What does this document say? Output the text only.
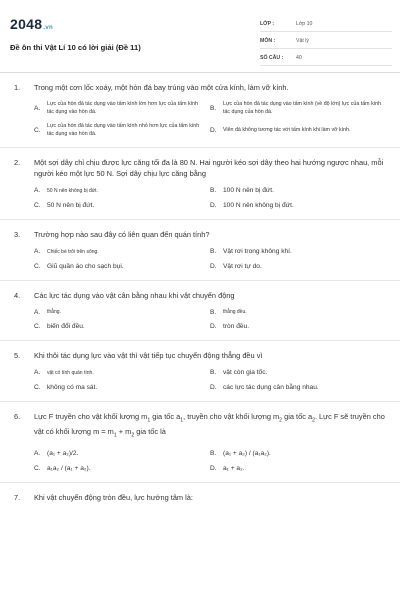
2048.vn
Đề ôn thi Vật Lí 10 có lời giải (Đề 11)
LỚP :	Lớp 10
MÔN :	Vật lý
SỐ CÂU : 40
1.	Trong một cơn lốc xoáy, một hòn đá bay trúng vào một cửa kính, làm vỡ kính.
A.
Lực của hòn đá tác dụng vào tấm kính lớn hơn lực của tấm kính tác dụng vào hòn đá.
B.
Lực của hòn đá tác dụng vào tấm kính (về độ lớn) lực của tấm kính tác dụng của hòn đá.
C.
Lực của hòn đá tác dụng vào tấm kính nhỏ hơn lực của tấm kính tác dụng vào hòn đá.
D.	Viên đá không tương tác với tấm kính khi làm vỡ kính.
2.	Một sợi dây chỉ chịu được lực căng tối đa là 80 N. Hai người kéo sợi dây theo hai hướng ngược nhau, mỗi người kéo một lực 50 N. Sợi dây chịu lực căng bằng
A.	50 N nên không bị đứt.	B.	100 N nên bị đứt.
C. 50 N nên bị đứt.	D. 100 N nên không bị đứt.
3.	Trường hợp nào sau đây có liên quan đến quán tính?
A.	Chiếc bè trôi trên sông.	B.	Vật rơi trong không khí.
C. Giũ quần áo cho sạch bụi.	D. Vật rơi tự do.
4.	Các lực tác dụng vào vật cân bằng nhau khi vật chuyển động
A.	thẳng.	B.	thẳng đều.
C. biến đổi đều.	D. tròn đều.
5.	Khi thôi tác dụng lực vào vật thì vật tiếp tục chuyển động thẳng đều vì
A.	vật có tính quán tính.	B.	vật còn gia tốc.
C. không có ma sát.	D. các lực tác dụng cân bằng nhau.
6.	Lực F truyền cho vật khối lượng $m_1$ gia tốc $a_1$, truyền cho vật khối lượng $m_2$ gia tốc $a_2$. Lực F sẽ truyền cho vật có khối lượng $m = m_1 + m_2$ gia tốc là
A.	(a₁ + a₂)/2.	B.	(a₁ + a₂) / (a₁a₂).
C. a₁a₂ / (a₁ + a₂).	D. a₁ + a₂.
7.	Khi vật chuyển động tròn đều, lực hướng tâm là:
